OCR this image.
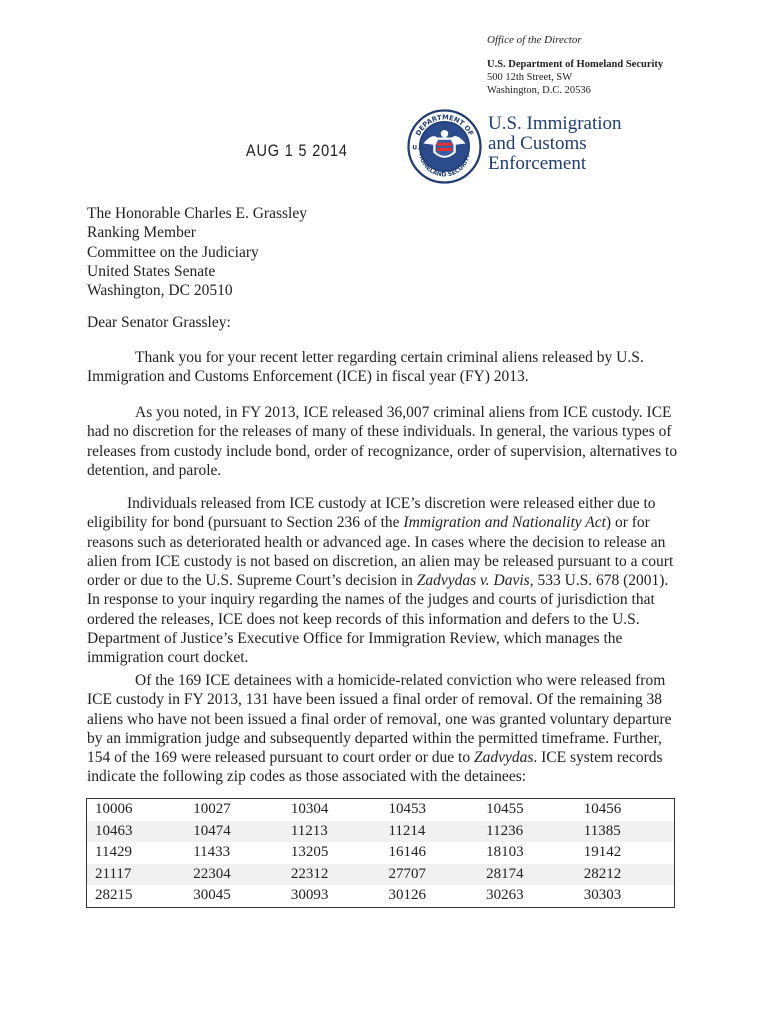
Office of the Director
U.S. Department of Homeland Security
500 12th Street, SW
Washington, D.C. 20536
DEPARTMENT OF
HOMELAND SECURITY
U.S.
U.S. Immigration
and Customs
Enforcement
AUG 1 5 2014
The Honorable Charles E. Grassley
Ranking Member
Committee on the Judiciary
United States Senate
Washington, DC 20510
Dear Senator Grassley:

Thank you for your recent letter regarding certain criminal aliens released by U.S. Immigration and Customs Enforcement (ICE) in fiscal year (FY) 2013.

As you noted, in FY 2013, ICE released 36,007 criminal aliens from ICE custody. ICE had no discretion for the releases of many of these individuals. In general, the various types of releases from custody include bond, order of recognizance, order of supervision, alternatives to detention, and parole.

Individuals released from ICE custody at ICE’s discretion were released either due to eligibility for bond (pursuant to Section 236 of the Immigration and Nationality Act) or for reasons such as deteriorated health or advanced age. In cases where the decision to release an alien from ICE custody is not based on discretion, an alien may be released pursuant to a court order or due to the U.S. Supreme Court’s decision in Zadvydas v. Davis, 533 U.S. 678 (2001). In response to your inquiry regarding the names of the judges and courts of jurisdiction that ordered the releases, ICE does not keep records of this information and defers to the U.S. Department of Justice’s Executive Office for Immigration Review, which manages the immigration court docket.

Of the 169 ICE detainees with a homicide-related conviction who were released from ICE custody in FY 2013, 131 have been issued a final order of removal. Of the remaining 38 aliens who have not been issued a final order of removal, one was granted voluntary departure by an immigration judge and subsequently departed within the permitted timeframe. Further, 154 of the 169 were released pursuant to court order or due to Zadvydas. ICE system records indicate the following zip codes as those associated with the detainees:

10006	10027	10304	10453	10455	10456
10463	10474	11213	11214	11236	11385
11429	11433	13205	16146	18103	19142
21117	22304	22312	27707	28174	28212
28215	30045	30093	30126	30263	30303
